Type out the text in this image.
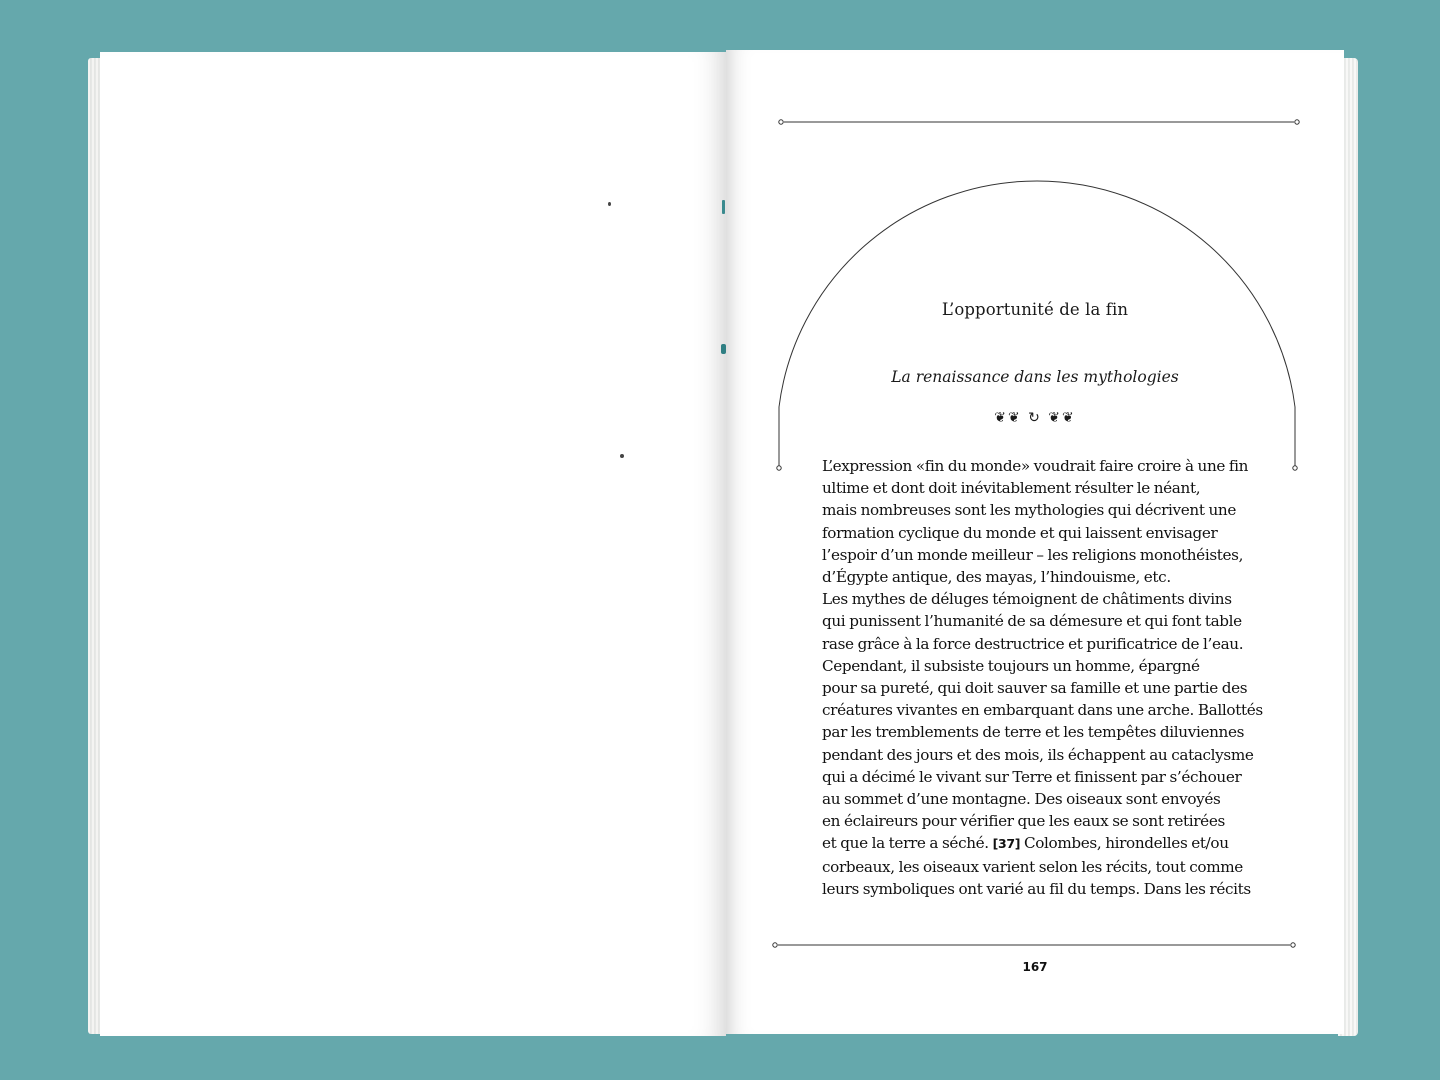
L’opportunité de la fin
La renaissance dans les mythologies
❦❦ ↻ ❦❦
L’expression «fin du monde» voudrait faire croire à une fin
ultime et dont doit inévitablement résulter le néant,
mais nombreuses sont les mythologies qui décrivent une
formation cyclique du monde et qui laissent envisager
l’espoir d’un monde meilleur – les religions monothéistes,
d’Égypte antique, des mayas, l’hindouisme, etc.
Les mythes de déluges témoignent de châtiments divins
qui punissent l’humanité de sa démesure et qui font table
rase grâce à la force destructrice et purificatrice de l’eau.
Cependant, il subsiste toujours un homme, épargné
pour sa pureté, qui doit sauver sa famille et une partie des
créatures vivantes en embarquant dans une arche. Ballottés
par les tremblements de terre et les tempêtes diluviennes
pendant des jours et des mois, ils échappent au cataclysme
qui a décimé le vivant sur Terre et finissent par s’échouer
au sommet d’une montagne. Des oiseaux sont envoyés
en éclaireurs pour vérifier que les eaux se sont retirées
et que la terre a séché. [37] Colombes, hirondelles et/ou
corbeaux, les oiseaux varient selon les récits, tout comme
leurs symboliques ont varié au fil du temps. Dans les récits
167
